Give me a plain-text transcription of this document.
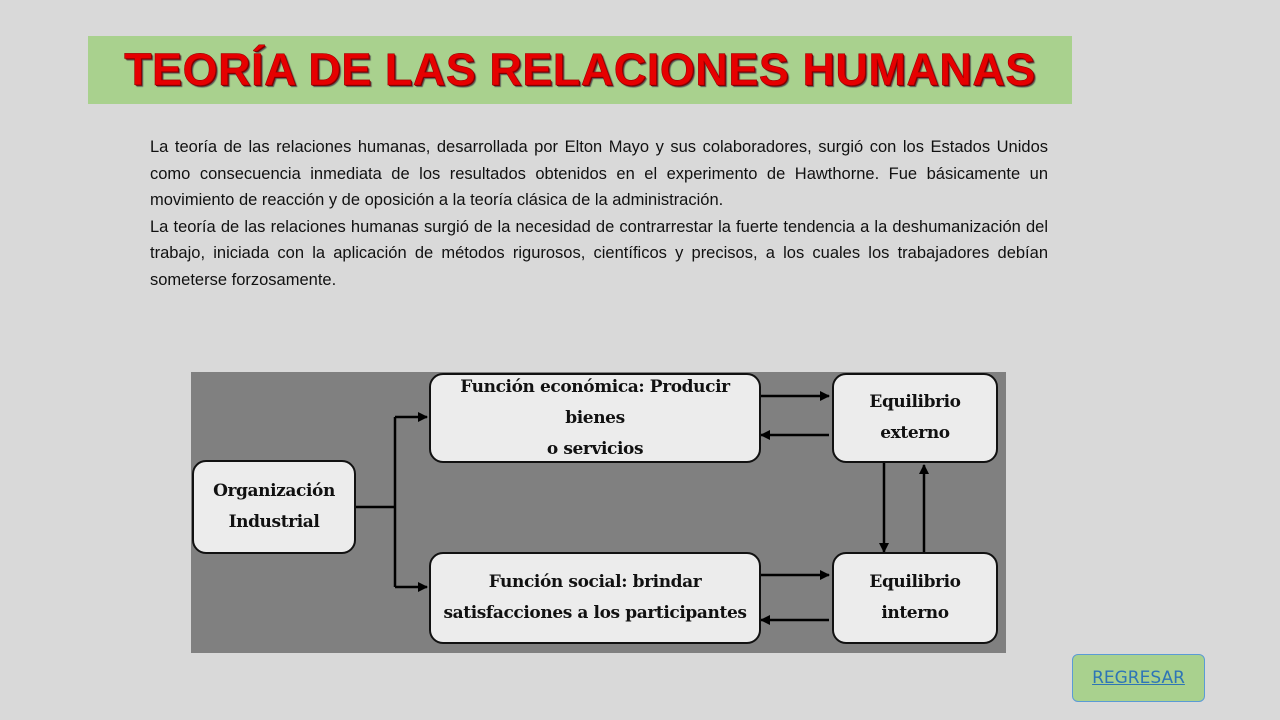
TEORÍA DE LAS RELACIONES HUMANAS

La teoría de las relaciones humanas, desarrollada por Elton Mayo y sus colaboradores, surgió con los Estados Unidos como consecuencia inmediata de los resultados obtenidos en el experimento de Hawthorne. Fue básicamente un movimiento de reacción y de oposición a la teoría clásica de la administración.

La teoría de las relaciones humanas surgió de la necesidad de contrarrestar la fuerte tendencia a la deshumanización del trabajo, iniciada con la aplicación de métodos rigurosos, científicos y precisos, a los cuales los trabajadores debían someterse forzosamente.

Organización
Industrial
Función económica: Producir bienes
o servicios
Función social: brindar
satisfacciones a los participantes
Equilibrio
externo
Equilibrio
interno
REGRESAR
